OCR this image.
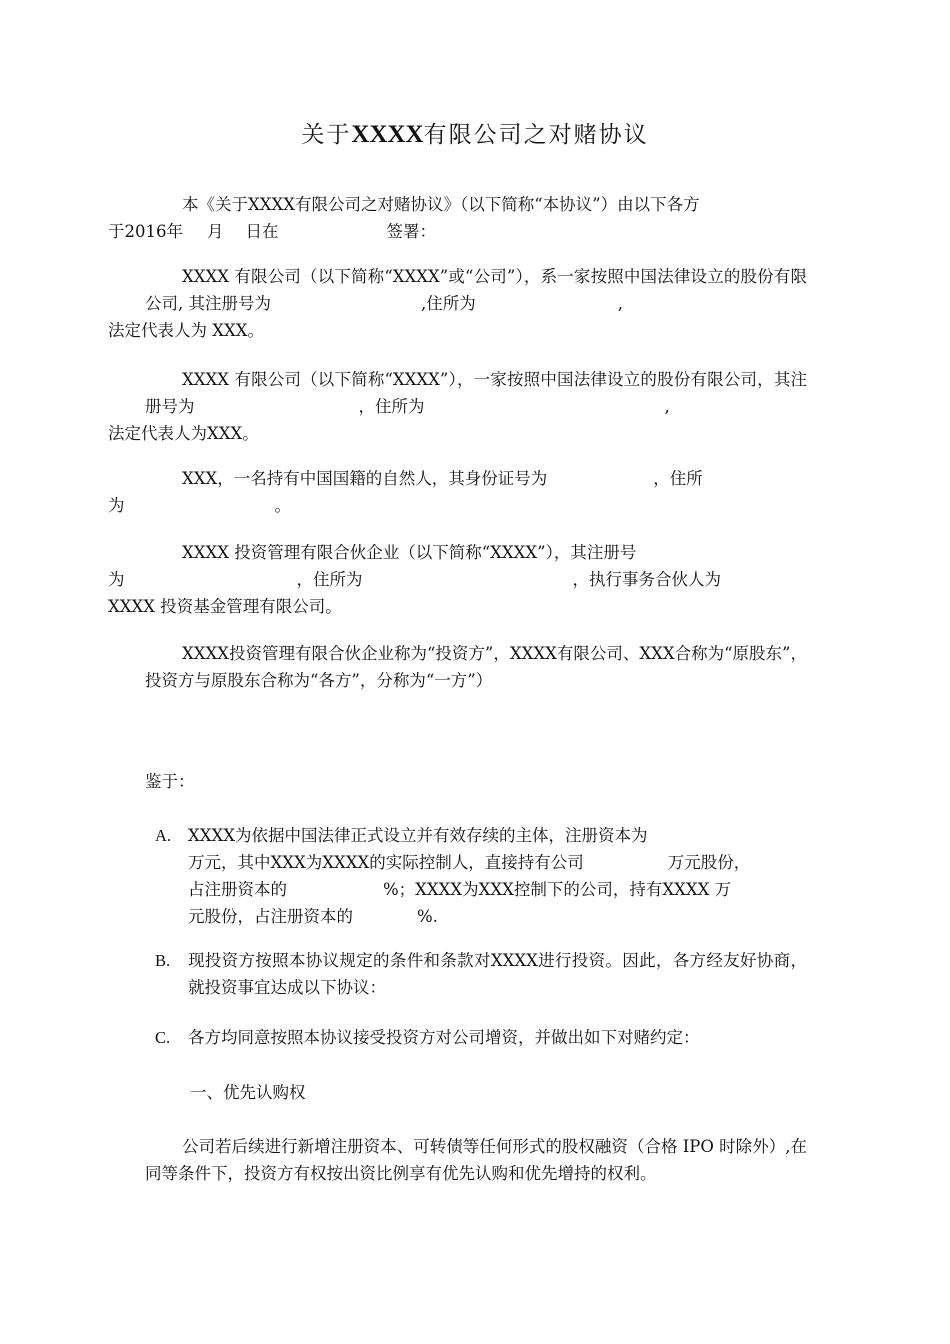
关于XXXX有限公司之对赌协议
本《关于XXXX有限公司之对赌协议》（以下简称“本协议”）由以下各方
于2016年 月 日在	签署：
XXXX 有限公司（以下简称“XXXX”或“公司”），系一家按照中国法律设立的股份有限公司, 其注册号为	,住所为	,
法定代表人为 XXX。
XXXX 有限公司（以下简称“XXXX”），一家按照中国法律设立的股份有限公司，其注册号为	，住所为	,
法定代表人为XXX。
XXX，一名持有中国国籍的自然人，其身份证号为	，住所
为	。
XXXX 投资管理有限合伙企业（以下简称“XXXX”），其注册号
为	，住所为	，执行事务合伙人为
XXXX 投资基金管理有限公司。
XXXX投资管理有限合伙企业称为“投资方”，XXXX有限公司、XXX合称为“原股东”，投资方与原股东合称为“各方”，分称为“一方”）
鉴于：
A. XXXX为依据中国法律正式设立并有效存续的主体，注册资本为
万元，其中XXX为XXXX的实际控制人，直接持有公司	万元股份，
占注册资本的	%；XXXX为XXX控制下的公司，持有XXXX 万
元股份，占注册资本的	%.
B. 现投资方按照本协议规定的条件和条款对XXXX进行投资。因此，各方经友好协商，就投资事宜达成以下协议：
C. 各方均同意按照本协议接受投资方对公司增资，并做出如下对赌约定：
一、优先认购权
公司若后续进行新增注册资本、可转债等任何形式的股权融资（合格 IPO 时除外）,在同等条件下，投资方有权按出资比例享有优先认购和优先增持的权利。
